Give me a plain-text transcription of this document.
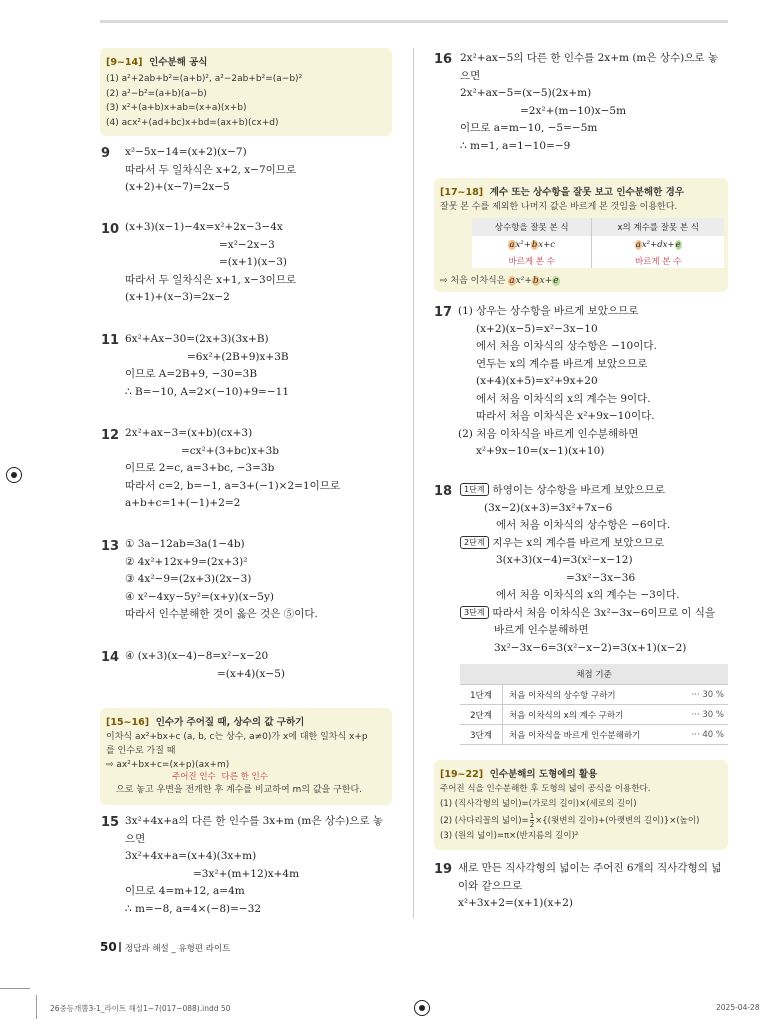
[9~14] 인수분해 공식
(1) a²+2ab+b²=(a+b)², a²−2ab+b²=(a−b)²
(2) a²−b²=(a+b)(a−b)
(3) x²+(a+b)x+ab=(x+a)(x+b)
(4) acx²+(ad+bc)x+bd=(ax+b)(cx+d)
9 x²−5x−14=(x+2)(x−7)
따라서 두 일차식은 x+2, x−7이므로
(x+2)+(x−7)=2x−5
10 (x+3)(x−1)−4x=x²+2x−3−4x
=x²−2x−3
=(x+1)(x−3)
따라서 두 일차식은 x+1, x−3이므로
(x+1)+(x−3)=2x−2
11 6x²+Ax−30=(2x+3)(3x+B)
=6x²+(2B+9)x+3B
이므로 A=2B+9, −30=3B
∴ B=−10, A=2×(−10)+9=−11
12 2x²+ax−3=(x+b)(cx+3)
=cx²+(3+bc)x+3b
이므로 2=c, a=3+bc, −3=3b
따라서 c=2, b=−1, a=3+(−1)×2=1이므로
a+b+c=1+(−1)+2=2
13 ① 3a−12ab=3a(1−4b)
② 4x²+12x+9=(2x+3)²
③ 4x²−9=(2x+3)(2x−3)
④ x²−4xy−5y²=(x+y)(x−5y)
따라서 인수분해한 것이 옳은 것은 ⑤이다.
14 ④ (x+3)(x−4)−8=x²−x−20
=(x+4)(x−5)
[15~16] 인수가 주어질 때, 상수의 값 구하기
이차식 ax²+bx+c (a, b, c는 상수, a≠0)가 x에 대한 일차식 x+p
를 인수로 가질 때
⇨ ax²+bx+c=(x+p)(ax+m)
주어진 인수 다른 한 인수
으로 놓고 우변을 전개한 후 계수를 비교하여 m의 값을 구한다.
15 3x²+4x+a의 다른 한 인수를 3x+m (m은 상수)으로 놓
으면
3x²+4x+a=(x+4)(3x+m)
=3x²+(m+12)x+4m
이므로 4=m+12, a=4m
∴ m=−8, a=4×(−8)=−32
16 2x²+ax−5의 다른 한 인수를 2x+m (m은 상수)으로 놓
으면
2x²+ax−5=(x−5)(2x+m)
=2x²+(m−10)x−5m
이므로 a=m−10, −5=−5m
∴ m=1, a=1−10=−9
[17~18] 계수 또는 상수항을 잘못 보고 인수분해한 경우
잘못 본 수를 제외한 나머지 값은 바르게 본 것임을 이용한다.
상수항을 잘못 본 식	x의 계수를 잘못 본 식
ax²+bx+c	ax²+dx+e
바르게 본 수	바르게 본 수
⇨ 처음 이차식은 ax²+bx+e
17 (1) 상우는 상수항을 바르게 보았으므로
(x+2)(x−5)=x²−3x−10
에서 처음 이차식의 상수항은 −10이다.
연두는 x의 계수를 바르게 보았으므로
(x+4)(x+5)=x²+9x+20
에서 처음 이차식의 x의 계수는 9이다.
따라서 처음 이차식은 x²+9x−10이다.
(2) 처음 이차식을 바르게 인수분해하면
x²+9x−10=(x−1)(x+10)
18	1단계 하영이는 상수항을 바르게 보았으므로
(3x−2)(x+3)=3x²+7x−6
에서 처음 이차식의 상수항은 −6이다.
2단계 지우는 x의 계수를 바르게 보았으므로
3(x+3)(x−4)=3(x²−x−12)
=3x²−3x−36
에서 처음 이차식의 x의 계수는 −3이다.
3단계 따라서 처음 이차식은 3x²−3x−6이므로 이 식을
바르게 인수분해하면
3x²−3x−6=3(x²−x−2)=3(x+1)(x−2)
채점 기준		
1단계	처음 이차식의 상수항 구하기	··· 30 %
2단계	처음 이차식의 x의 계수 구하기	··· 30 %
3단계	처음 이차식을 바르게 인수분해하기	··· 40 %
[19~22] 인수분해의 도형에의 활용
주어진 식을 인수분해한 후 도형의 넓이 공식을 이용한다.
(1) (직사각형의 넓이)=(가로의 길이)×(세로의 길이)
(2) (사다리꼴의 넓이)= $\frac{1}{2}$ ×{(윗변의 길이)+(아랫변의 길이)}×(높이)
(3) (원의 넓이)=π×(반지름의 길이)²
19 새로 만든 직사각형의 넓이는 주어진 6개의 직사각형의 넓
이와 같으므로
x²+3x+2=(x+1)(x+2)
50 정답과 해설 _ 유형편 라이트
26중등개뿔3-1_라이트 해설1~7(017~088).indd 50	2025-04-28
